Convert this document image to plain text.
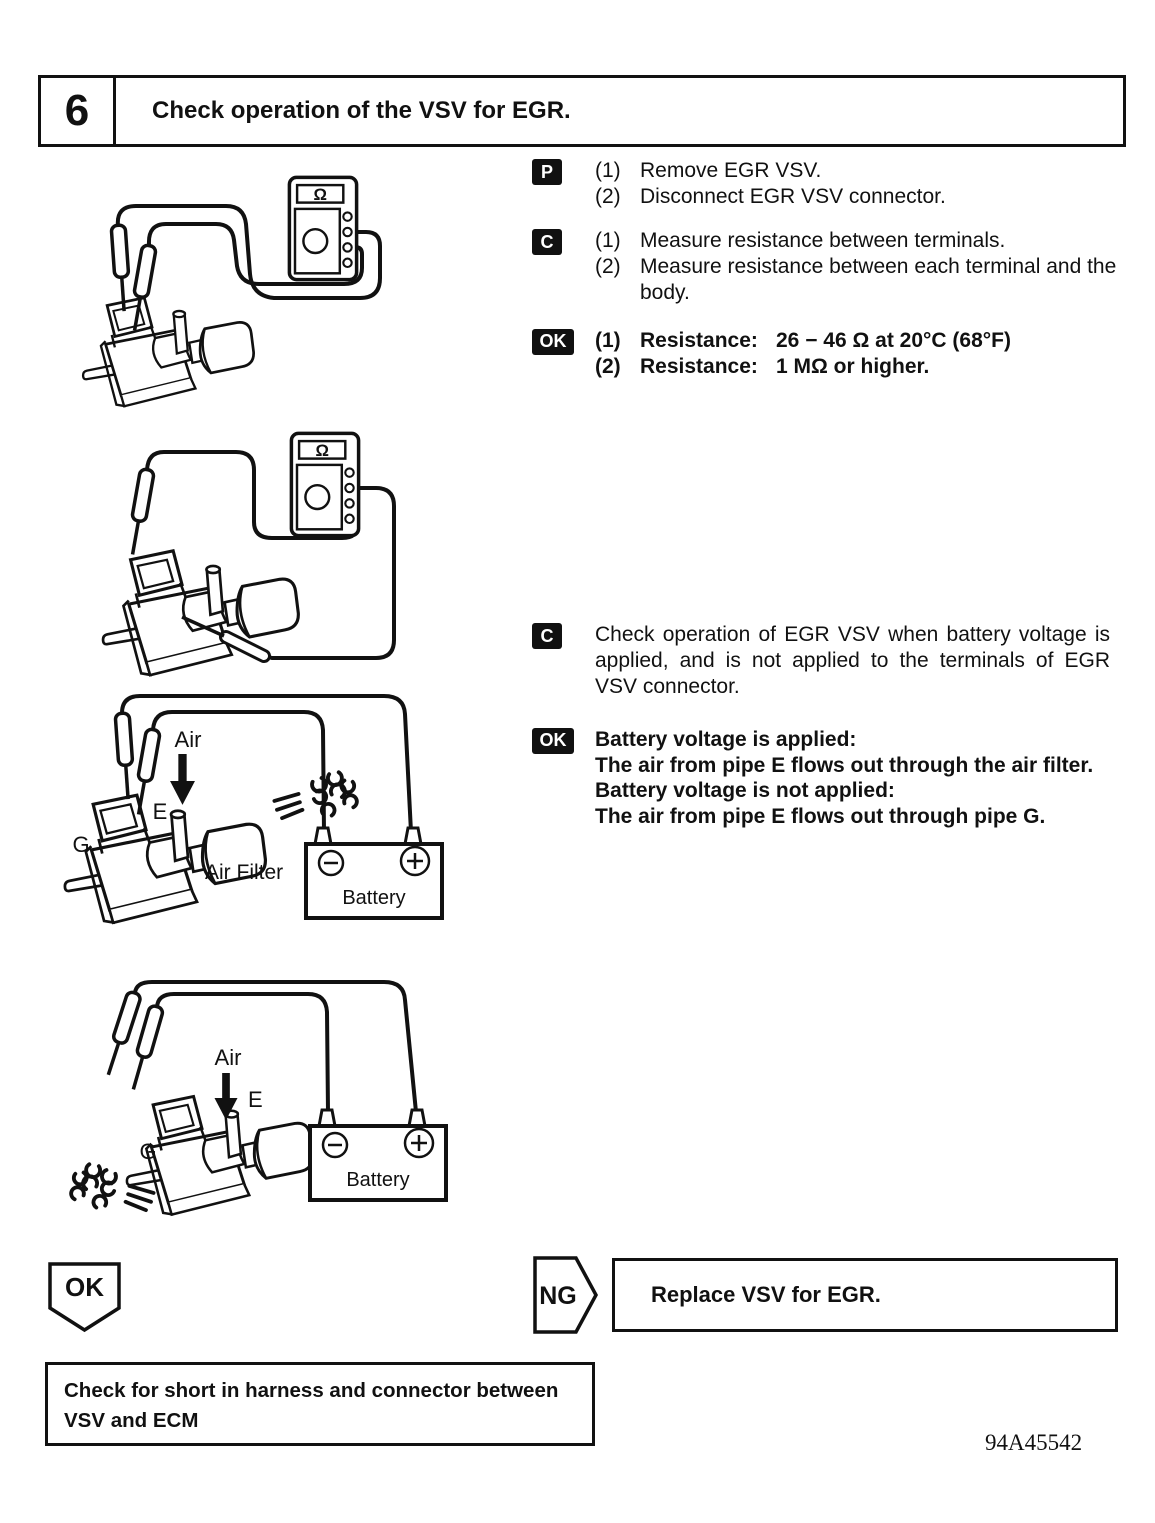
6	Check operation of the VSV for EGR.
Air
E
G
Air Filter
Air
E
G
P	(1) Remove EGR VSV.
(2) Disconnect EGR VSV connector.
C	(1) Measure resistance between terminals.
(2) Measure resistance between each terminal and the body.
OK	(1) Resistance: 26 − 46 Ω at 20°C (68°F)
(2) Resistance: 1 MΩ or higher.
C	Check operation of EGR VSV when battery voltage is applied, and is not applied to the terminals of EGR VSV connector.
OK	Battery voltage is applied:
The air from pipe E flows out through the air filter.
Battery voltage is not applied:
The air from pipe E flows out through pipe G.
OK	NG	Replace VSV for EGR.
Check for short in harness and connector between VSV and ECM
94A45542
